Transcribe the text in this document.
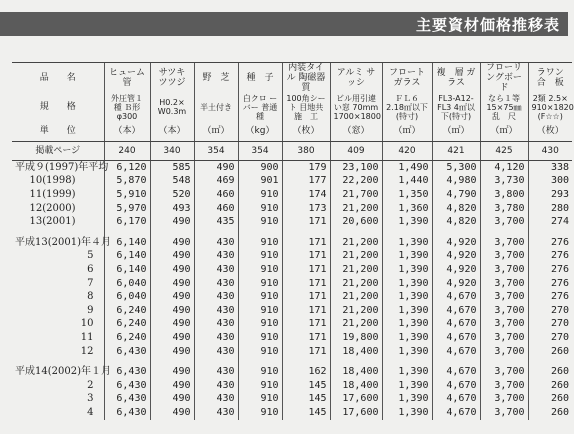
主要資材価格推移表
品　　名	ヒューム管	サツキ ツツジ	野　芝	種　子	内装タイル 陶磁器質	アルミ サッシ	フロート ガラス	複　層 ガラス	フローリ ングボー ド	ラワン 合　板
規　　格	外圧管１種 Ｂ形 φ300	H0.2× W0.3m	半土付き	白クロ ーバー 普通種	100角シート 目地共 施　工	ビル用引違 い窓 70mm 1700×1800	ＦＬ６ 2.18㎡以下 (特寸)	FL3-A12-FL3 4㎡以 下(特寸)	なら１等 15×75㎜ 乱　尺	2類 2.5× 910×1820 (F☆☆)
単　　位	（本）	（本）	（㎡）	（kg）	（枚）	（窓）	（㎡）	（㎡）	（㎡）	（枚）
掲載ページ	240	340	354	354	380	409	420	421	425	430
平成９(1997)年平均	6,120	585	490	900	179	23,100	1,490	5,300	4,120	338
10(1998)	5,870	548	469	901	177	22,200	1,440	4,980	3,730	300
11(1999)	5,910	520	460	910	174	21,700	1,350	4,790	3,800	293
12(2000)	5,970	493	460	910	173	21,200	1,360	4,820	3,780	280
13(2001)	6,170	490	435	910	171	20,600	1,390	4,820	3,700	274

平成13(2001)年４月	6,140	490	430	910	171	21,200	1,390	4,920	3,700	276
5	6,140	490	430	910	171	21,200	1,390	4,920	3,700	276
6	6,140	490	430	910	171	21,200	1,390	4,920	3,700	276
7	6,040	490	430	910	171	21,200	1,390	4,920	3,700	276
8	6,040	490	430	910	171	21,200	1,390	4,670	3,700	276
9	6,240	490	430	910	171	21,200	1,390	4,670	3,700	270
10	6,240	490	430	910	171	21,200	1,390	4,670	3,700	270
11	6,240	490	430	910	171	19,800	1,390	4,670	3,700	270
12	6,430	490	430	910	171	18,400	1,390	4,670	3,700	260

平成14(2002)年１月	6,430	490	430	910	162	18,400	1,390	4,670	3,700	260
2	6,430	490	430	910	145	18,400	1,390	4,670	3,700	260
3	6,430	490	430	910	145	17,600	1,390	4,670	3,700	260
4	6,430	490	430	910	145	17,600	1,390	4,670	3,700	260
